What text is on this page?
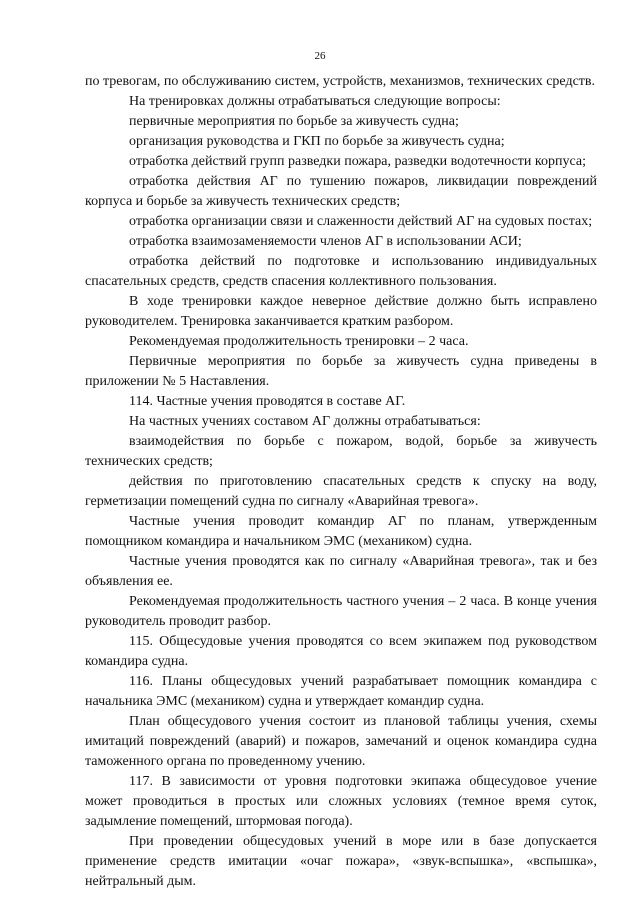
26

по тревогам, по обслуживанию систем, устройств, механизмов, технических средств.

На тренировках должны отрабатываться следующие вопросы:

первичные мероприятия по борьбе за живучесть судна;

организация руководства и ГКП по борьбе за живучесть судна;

отработка действий групп разведки пожара, разведки водотечности корпуса;

отработка действия АГ по тушению пожаров, ликвидации повреждений корпуса и борьбе за живучесть технических средств;

отработка организации связи и слаженности действий АГ на судовых постах;

отработка взаимозаменяемости членов АГ в использовании АСИ;

отработка действий по подготовке и использованию индивидуальных спасательных средств, средств спасения коллективного пользования.

В ходе тренировки каждое неверное действие должно быть исправлено руководителем. Тренировка заканчивается кратким разбором.

Рекомендуемая продолжительность тренировки – 2 часа.

Первичные мероприятия по борьбе за живучесть судна приведены в приложении № 5 Наставления.

114. Частные учения проводятся в составе АГ.

На частных учениях составом АГ должны отрабатываться:

взаимодействия по борьбе с пожаром, водой, борьбе за живучесть технических средств;

действия по приготовлению спасательных средств к спуску на воду, герметизации помещений судна по сигналу «Аварийная тревога».

Частные учения проводит командир АГ по планам, утвержденным помощником командира и начальником ЭМС (механиком) судна.

Частные учения проводятся как по сигналу «Аварийная тревога», так и без объявления ее.

Рекомендуемая продолжительность частного учения – 2 часа. В конце учения руководитель проводит разбор.

115. Общесудовые учения проводятся со всем экипажем под руководством командира судна.

116. Планы общесудовых учений разрабатывает помощник командира с начальника ЭМС (механиком) судна и утверждает командир судна.

План общесудового учения состоит из плановой таблицы учения, схемы имитаций повреждений (аварий) и пожаров, замечаний и оценок командира судна таможенного органа по проведенному учению.

117. В зависимости от уровня подготовки экипажа общесудовое учение может проводиться в простых или сложных условиях (темное время суток, задымление помещений, штормовая погода).

При проведении общесудовых учений в море или в базе допускается применение средств имитации «очаг пожара», «звук-вспышка», «вспышка», нейтральный дым.
